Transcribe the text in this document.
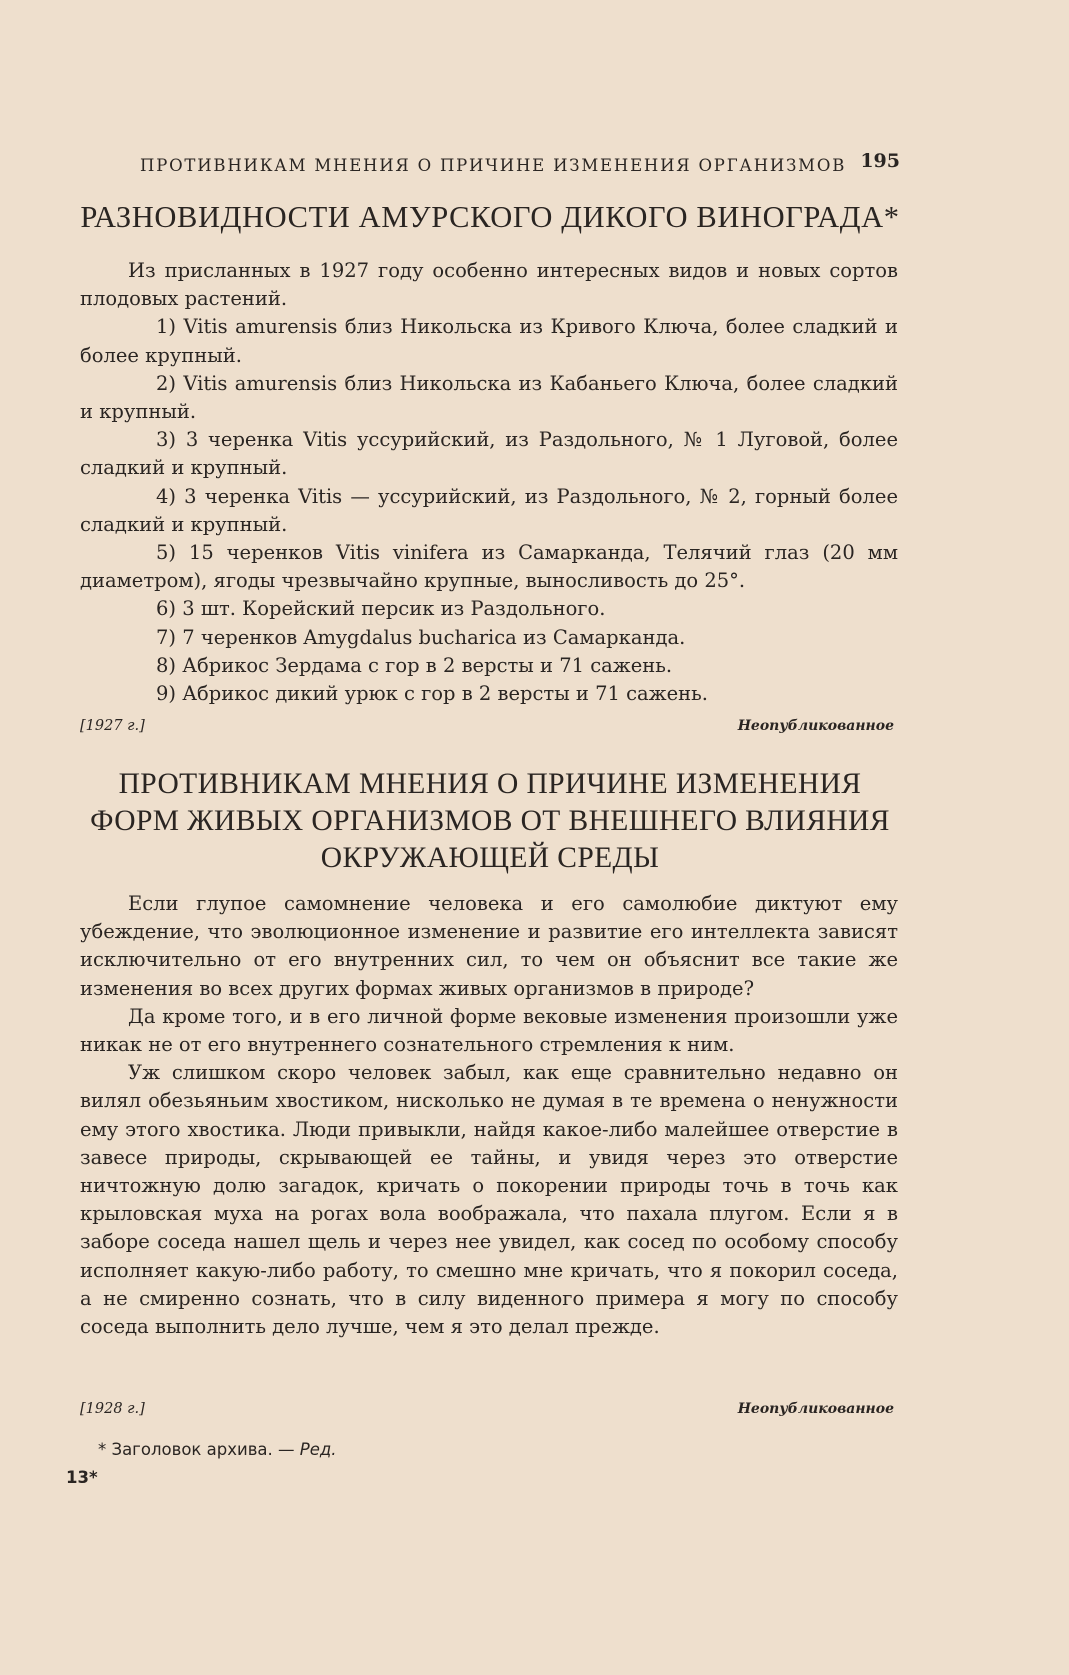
ПРОТИВНИКАМ МНЕНИЯ О ПРИЧИНЕ ИЗМЕНЕНИЯ ОРГАНИЗМОВ 195
РАЗНОВИДНОСТИ АМУРСКОГО ДИКОГО ВИНОГРАДА*

Из присланных в 1927 году особенно интересных видов и новых сортов плодовых растений.

1) Vitis amurensis близ Никольска из Кривого Ключа, более сладкий и более крупный.

2) Vitis amurensis близ Никольска из Кабаньего Ключа, более сладкий и крупный.

3) 3 черенка Vitis уссурийский, из Раздольного, № 1 Луговой, более сладкий и крупный.

4) 3 черенка Vitis — уссурийский, из Раздольного, № 2, горный более сладкий и крупный.

5) 15 черенков Vitis vinifera из Самарканда, Телячий глаз (20 мм диаметром), ягоды чрезвычайно крупные, выносливость до 25°.

6) 3 шт. Корейский персик из Раздольного.

7) 7 черенков Amygdalus bucharica из Самарканда.

8) Абрикос Зердама с гор в 2 версты и 71 сажень.

9) Абрикос дикий урюк с гор в 2 версты и 71 сажень.

[1927 г.]	Неопубликованное
ПРОТИВНИКАМ МНЕНИЯ О ПРИЧИНЕ ИЗМЕНЕНИЯ ФОРМ ЖИВЫХ ОРГАНИЗМОВ ОТ ВНЕШНЕГО ВЛИЯНИЯ ОКРУЖАЮЩЕЙ СРЕДЫ

Если глупое самомнение человека и его самолюбие диктуют ему убеждение, что эволюционное изменение и развитие его интеллекта зависят исключительно от его внутренних сил, то чем он объяснит все такие же изменения во всех других формах живых организмов в природе?

Да кроме того, и в его личной форме вековые изменения произошли уже никак не от его внутреннего сознательного стремления к ним.

Уж слишком скоро человек забыл, как еще сравнительно недавно он вилял обезьяньим хвостиком, нисколько не думая в те времена о ненужности ему этого хвостика. Люди привыкли, найдя какое-либо малейшее отверстие в завесе природы, скрывающей ее тайны, и увидя через это отверстие ничтожную долю загадок, кричать о покорении природы точь в точь как крыловская муха на рогах вола воображала, что пахала плугом. Если я в заборе соседа нашел щель и через нее увидел, как сосед по особому способу исполняет какую-либо работу, то смешно мне кричать, что я покорил соседа, а не смиренно сознать, что в силу виденного примера я могу по способу соседа выполнить дело лучше, чем я это делал прежде.

[1928 г.]	Неопубликованное
* Заголовок архива. — Ред.
13*
